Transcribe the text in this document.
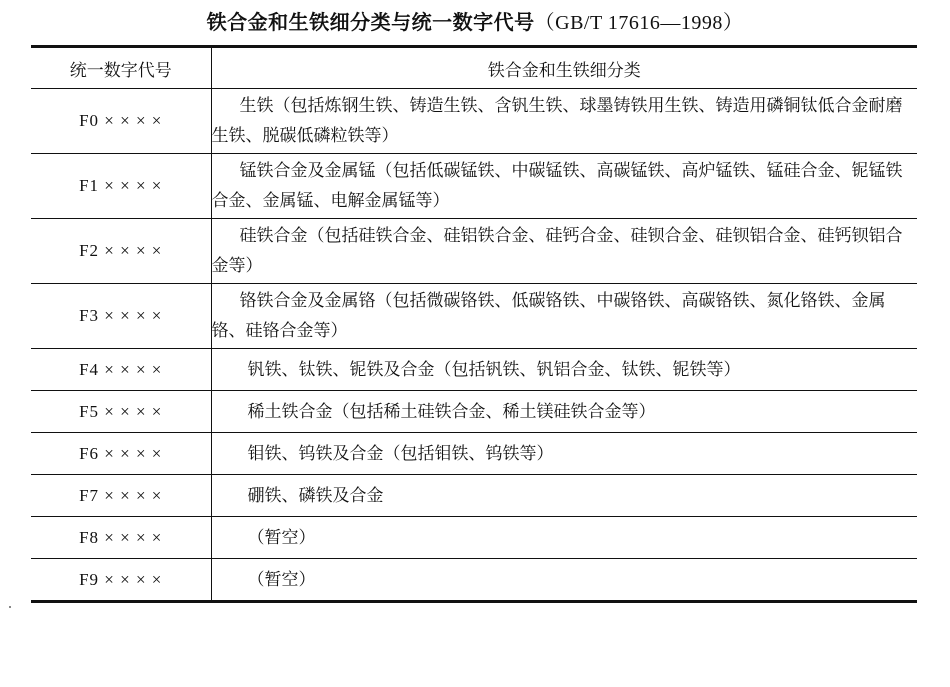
铁合金和生铁细分类与统一数字代号（GB/T 17616—1998）
统一数字代号	铁合金和生铁细分类
F0 × × × ×	生铁（包括炼钢生铁、铸造生铁、含钒生铁、球墨铸铁用生铁、铸造用磷铜钛低合金耐磨生铁、脱碳低磷粒铁等）
F1 × × × ×	锰铁合金及金属锰（包括低碳锰铁、中碳锰铁、高碳锰铁、高炉锰铁、锰硅合金、铌锰铁合金、金属锰、电解金属锰等）
F2 × × × ×	硅铁合金（包括硅铁合金、硅铝铁合金、硅钙合金、硅钡合金、硅钡铝合金、硅钙钡铝合金等）
F3 × × × ×	铬铁合金及金属铬（包括微碳铬铁、低碳铬铁、中碳铬铁、高碳铬铁、氮化铬铁、金属铬、硅铬合金等）
F4 × × × ×	钒铁、钛铁、铌铁及合金（包括钒铁、钒铝合金、钛铁、铌铁等）
F5 × × × ×	稀土铁合金（包括稀土硅铁合金、稀土镁硅铁合金等）
F6 × × × ×	钼铁、钨铁及合金（包括钼铁、钨铁等）
F7 × × × ×	硼铁、磷铁及合金
F8 × × × ×	（暂空）
F9 × × × ×	（暂空）
